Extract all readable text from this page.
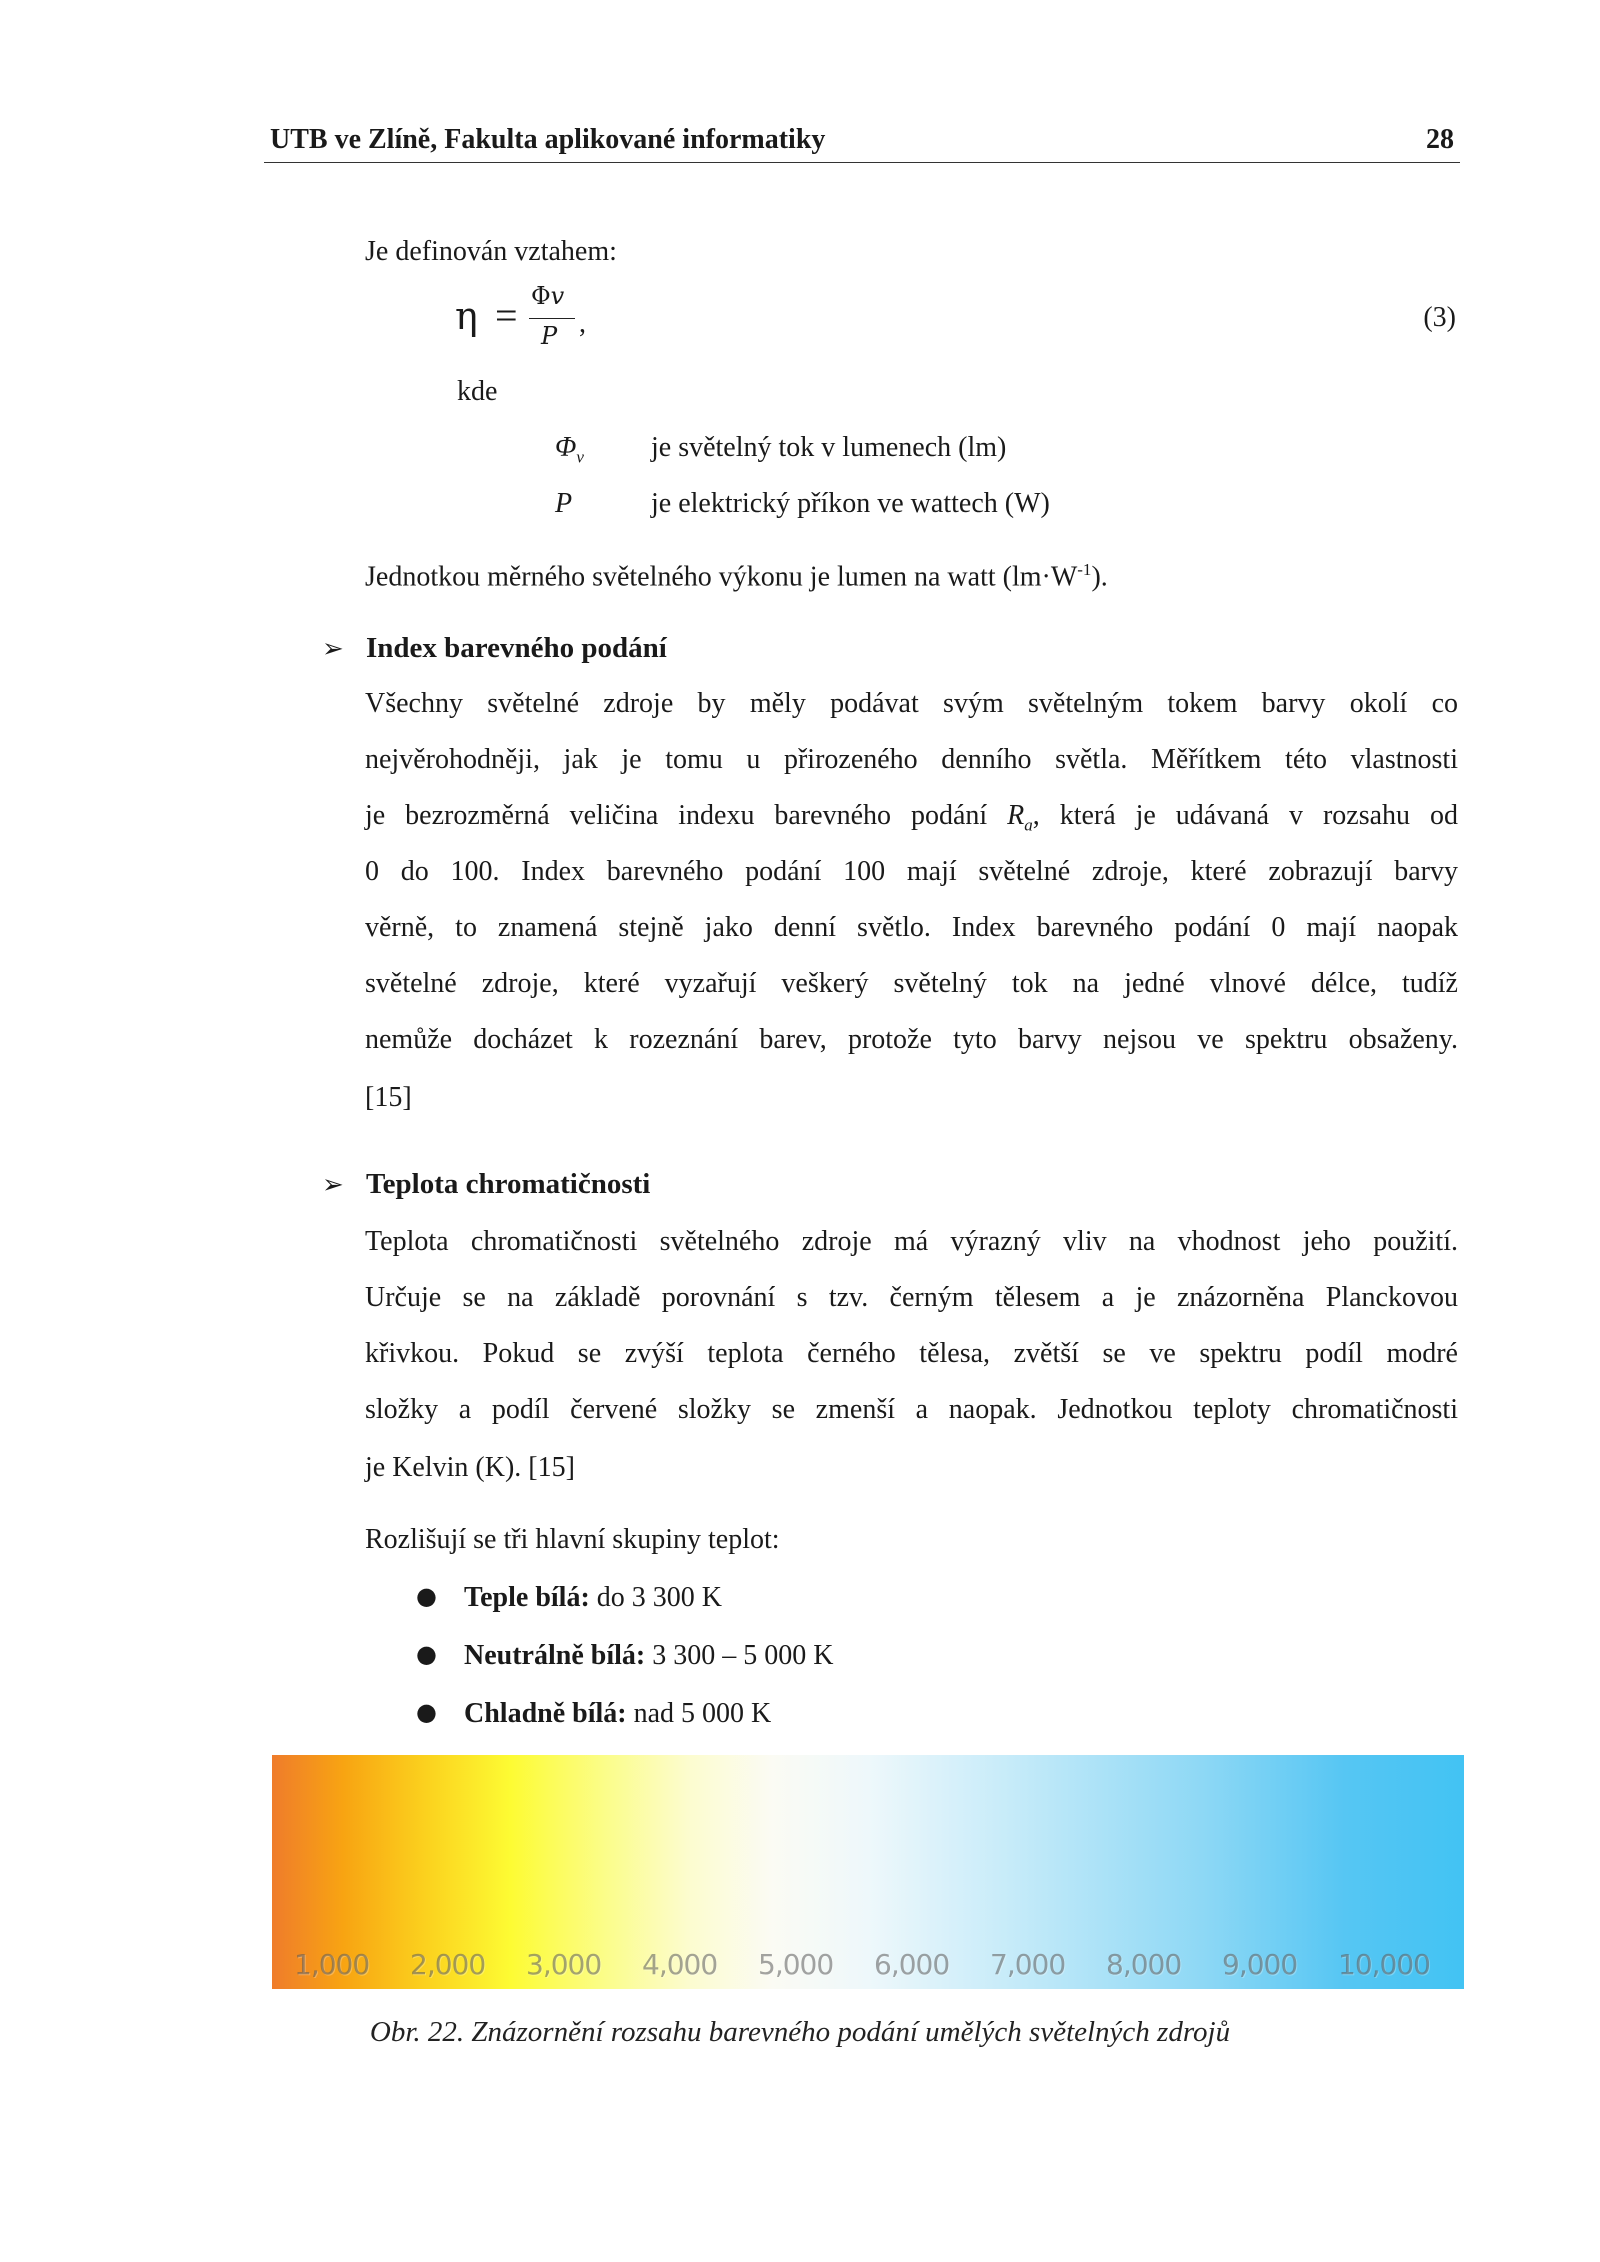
UTB ve Zlíně, Fakulta aplikované informatiky	28
Je definován vztahem:
η = Φ𝑣
P ,	(3)
kde
$\Phi_v$ je světelný tok v lumenech (lm)
P	je elektrický příkon ve wattech (W)
Jednotkou měrného světelného výkonu je lumen na watt $(lm\cdot W^{-1})$.
➢ Index barevného podání
Všechny světelné zdroje by měly podávat svým světelným tokem barvy okolí co
nejvěrohodněji, jak je tomu u přirozeného denního světla. Měřítkem této vlastnosti
je bezrozměrná veličina indexu barevného podání $R_a$, která je udávaná v rozsahu od
0 do 100. Index barevného podání 100 mají světelné zdroje, které zobrazují barvy
věrně, to znamená stejně jako denní světlo. Index barevného podání 0 mají naopak
světelné zdroje, které vyzařují veškerý světelný tok na jedné vlnové délce, tudíž
nemůže docházet k rozeznání barev, protože tyto barvy nejsou ve spektru obsaženy.
[15]
➢ Teplota chromatičnosti
Teplota chromatičnosti světelného zdroje má výrazný vliv na vhodnost jeho použití.
Určuje se na základě porovnání s tzv. černým tělesem a je znázorněna Planckovou
křivkou. Pokud se zvýší teplota černého tělesa, zvětší se ve spektru podíl modré
složky a podíl červené složky se zmenší a naopak. Jednotkou teploty chromatičnosti
je Kelvin (K). [15]
Rozlišují se tři hlavní skupiny teplot:
● Teple bílá: do 3 300 K
● Neutrálně bílá: 3 300 – 5 000 K
● Chladně bílá: nad 5 000 K
1,000 2,000 3,000 4,000 5,000 6,000 7,000 8,000 9,000 10,000
Obr. 22. Znázornění rozsahu barevného podání umělých světelných zdrojů
